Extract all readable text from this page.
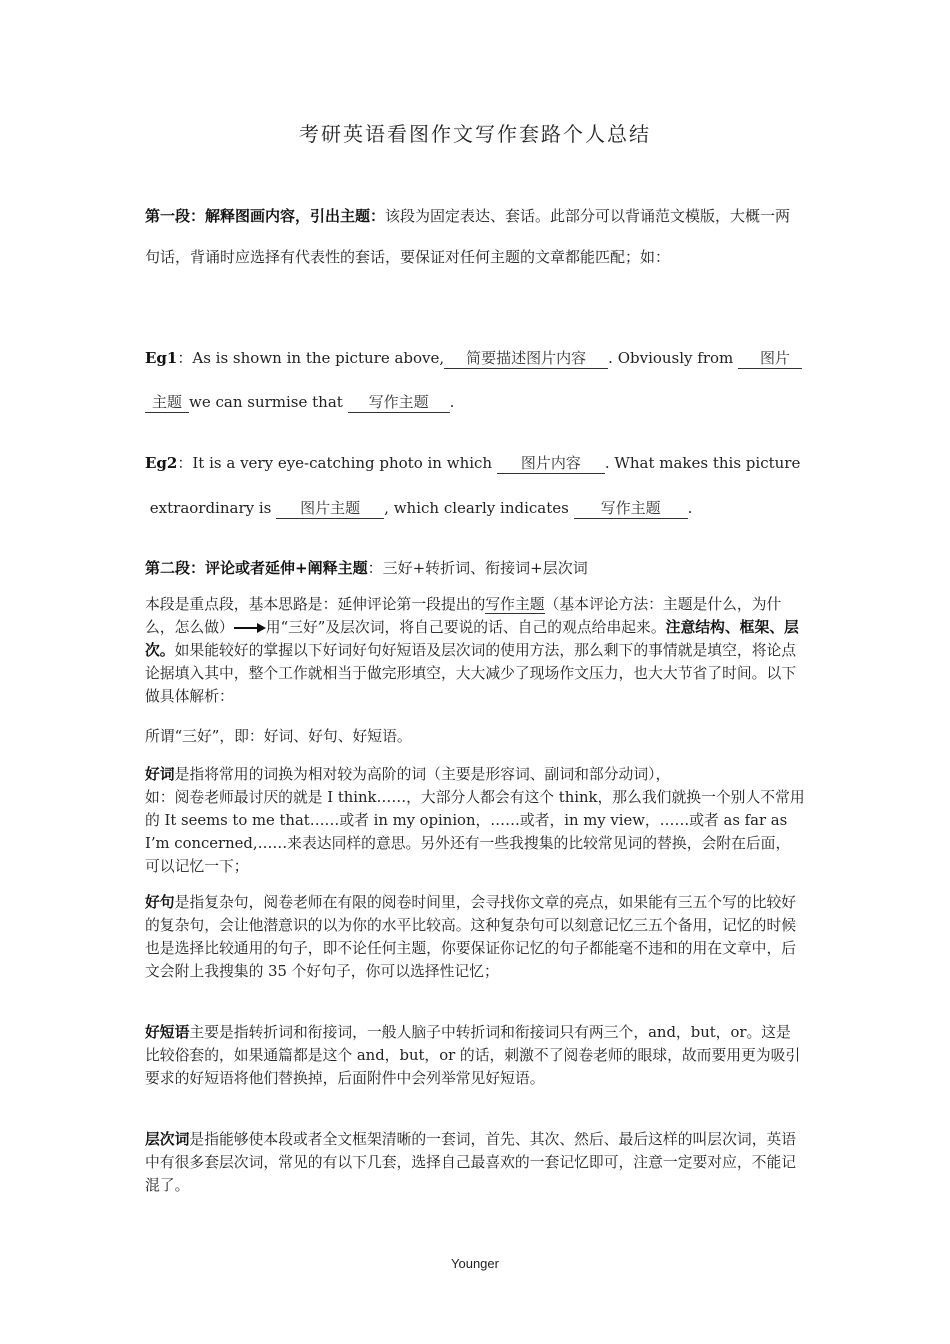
考研英语看图作文写作套路个人总结
第一段：解释图画内容，引出主题：该段为固定表达、套话。此部分可以背诵范文模版，大概一两句话，背诵时应选择有代表性的套话，要保证对任何主题的文章都能匹配；如：
Eg1：As is shown in the picture above, 简要描述图片内容 . Obviously from 图片
主题 we can surmise that 写作主题 .
Eg2：It is a very eye-catching photo in which 图片内容 . What makes this picture
extraordinary is 图片主题 , which clearly indicates 写作主题 .
第二段：评论或者延伸+阐释主题：三好+转折词、衔接词+层次词
本段是重点段，基本思路是：延伸评论第一段提出的写作主题（基本评论方法：主题是什么，为什么，怎么做） 用“三好”及层次词，将自己要说的话、自己的观点给串起来。注意结构、框架、层次。如果能较好的掌握以下好词好句好短语及层次词的使用方法，那么剩下的事情就是填空，将论点论据填入其中，整个工作就相当于做完形填空，大大减少了现场作文压力，也大大节省了时间。以下做具体解析：
所谓“三好”，即：好词、好句、好短语。
好词是指将常用的词换为相对较为高阶的词（主要是形容词、副词和部分动词），
如：阅卷老师最讨厌的就是 I think……，大部分人都会有这个 think，那么我们就换一个别人不常用的 It seems to me that……或者 in my opinion，……或者，in my view，……或者 as far as I’m concerned,……来表达同样的意思。另外还有一些我搜集的比较常见词的替换，会附在后面，可以记忆一下；
好句是指复杂句，阅卷老师在有限的阅卷时间里，会寻找你文章的亮点，如果能有三五个写的比较好的复杂句，会让他潜意识的以为你的水平比较高。这种复杂句可以刻意记忆三五个备用，记忆的时候也是选择比较通用的句子，即不论任何主题，你要保证你记忆的句子都能毫不违和的用在文章中，后文会附上我搜集的 35 个好句子，你可以选择性记忆；
好短语主要是指转折词和衔接词，一般人脑子中转折词和衔接词只有两三个，and，but，or。这是比较俗套的，如果通篇都是这个 and，but，or 的话，刺激不了阅卷老师的眼球，故而要用更为吸引要求的好短语将他们替换掉，后面附件中会列举常见好短语。
层次词是指能够使本段或者全文框架清晰的一套词，首先、其次、然后、最后这样的叫层次词，英语中有很多套层次词，常见的有以下几套，选择自己最喜欢的一套记忆即可，注意一定要对应，不能记混了。
Younger
